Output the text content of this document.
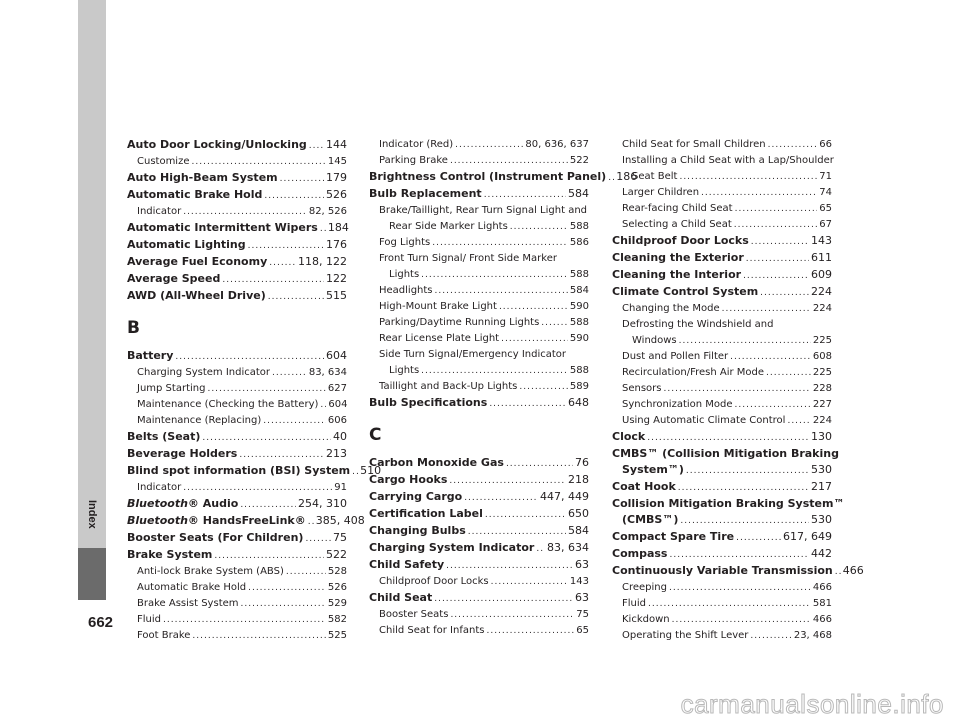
Index
Auto Door Locking/Unlocking ..... 144
Customize .....	145
Auto High-Beam System .....	179
Automatic Brake Hold .....	526
Indicator .....	82, 526
Automatic Intermittent Wipers ..... 184
Automatic Lighting .....	176
Average Fuel Economy .....	118, 122
Average Speed .....	122
AWD (All-Wheel Drive) .....	515
B
Battery .....	604
Charging System Indicator .....	83, 634
Jump Starting .....	627
Maintenance (Checking the Battery) ..... 604
Maintenance (Replacing) .....	606
Belts (Seat) .....	40
Beverage Holders .....	213
Blind spot information (BSI) System ..... 510
Indicator .....	91
Bluetooth® Audio .....	254, 310
Bluetooth® HandsFreeLink® ..... 385, 408
Booster Seats (For Children) .....	75
Brake System .....	522
Anti-lock Brake System (ABS) .....	528
Automatic Brake Hold .....	526
Brake Assist System .....	529
Fluid .....	582
Foot Brake .....	525
Indicator (Red) .....	80, 636, 637
Parking Brake .....	522
Brightness Control (Instrument Panel) ..... 186
Bulb Replacement .....	584
Brake/Taillight, Rear Turn Signal Light and
Rear Side Marker Lights .....	588
Fog Lights .....	586
Front Turn Signal/ Front Side Marker
Lights .....	588
Headlights .....	584
High-Mount Brake Light .....	590
Parking/Daytime Running Lights .....	588
Rear License Plate Light .....	590
Side Turn Signal/Emergency Indicator
Lights .....	588
Taillight and Back-Up Lights .....	589
Bulb Specifications .....	648
C
Carbon Monoxide Gas .....	76
Cargo Hooks .....	218
Carrying Cargo .....	447, 449
Certification Label .....	650
Changing Bulbs .....	584
Charging System Indicator ..... 83, 634
Child Safety .....	63
Childproof Door Locks .....	143
Child Seat .....	63
Booster Seats .....	75
Child Seat for Infants .....	65
Child Seat for Small Children .....	66
Installing a Child Seat with a Lap/Shoulder
Seat Belt .....	71
Larger Children .....	74
Rear-facing Child Seat .....	65
Selecting a Child Seat .....	67
Childproof Door Locks .....	143
Cleaning the Exterior .....	611
Cleaning the Interior .....	609
Climate Control System .....	224
Changing the Mode .....	224
Defrosting the Windshield and
Windows .....	225
Dust and Pollen Filter .....	608
Recirculation/Fresh Air Mode .....	225
Sensors .....	228
Synchronization Mode .....	227
Using Automatic Climate Control .....	224
Clock .....	130
CMBS™ (Collision Mitigation Braking
System™) .....	530
Coat Hook .....	217
Collision Mitigation Braking System™
(CMBS™) .....	530
Compact Spare Tire .....	617, 649
Compass .....	442
Continuously Variable Transmission ..... 466
Creeping .....	466
Fluid .....	581
Kickdown .....	466
Operating the Shift Lever .....	23, 468
662
carmanualsonline.info
